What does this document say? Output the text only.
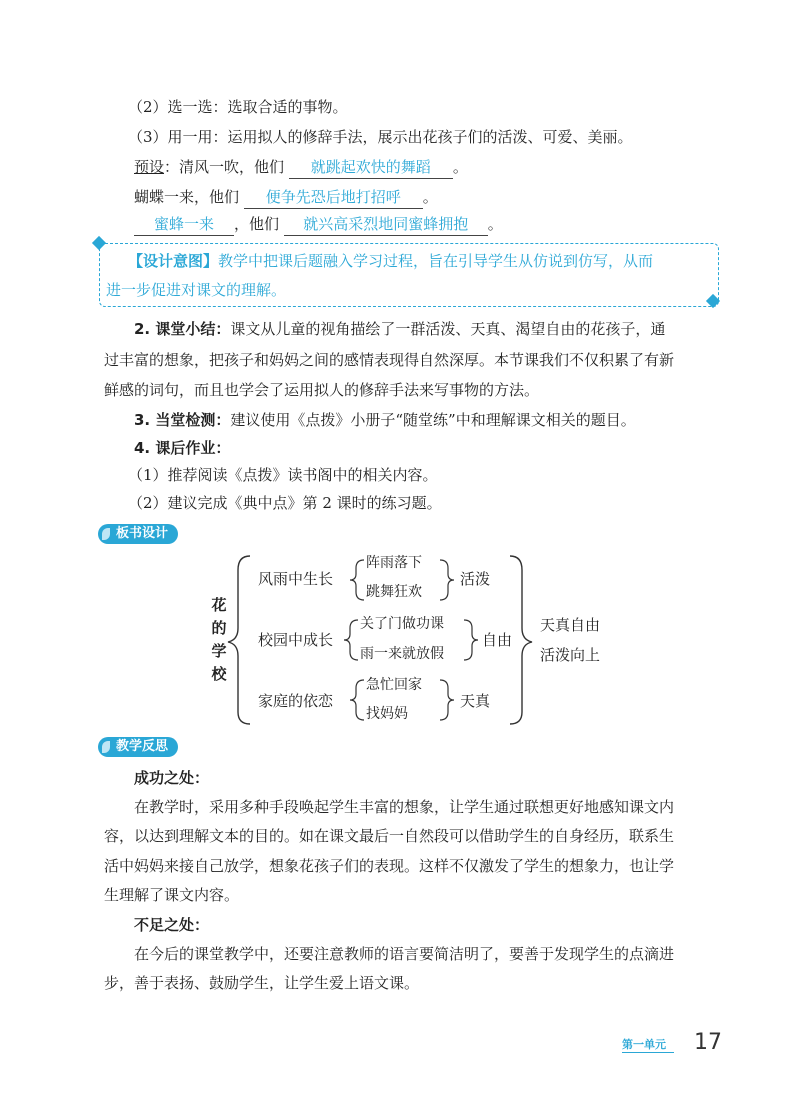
（2）选一选：选取合适的事物。
（3）用一用：运用拟人的修辞手法，展示出花孩子们的活泼、可爱、美丽。
预设：清风一吹，他们 就跳起欢快的舞蹈 。
蝴蝶一来，他们 便争先恐后地打招呼 。
蜜蜂一来 ，他们 就兴高采烈地同蜜蜂拥抱 。
【设计意图】教学中把课后题融入学习过程，旨在引导学生从仿说到仿写，从而
进一步促进对课文的理解。
2. 课堂小结：课文从儿童的视角描绘了一群活泼、天真、渴望自由的花孩子，通
过丰富的想象，把孩子和妈妈之间的感情表现得自然深厚。本节课我们不仅积累了有新
鲜感的词句，而且也学会了运用拟人的修辞手法来写事物的方法。
3. 当堂检测：建议使用《点拨》小册子“随堂练”中和理解课文相关的题目。
4. 课后作业：
（1）推荐阅读《点拨》读书阁中的相关内容。
（2）建议完成《典中点》第 2 课时的练习题。
板书设计
花
的
学
校
风雨中生长
校园中成长
家庭的依恋
阵雨落下
跳舞狂欢
关了门做功课
雨一来就放假
急忙回家
找妈妈
活泼
自由
天真
天真自由
活泼向上
教学反思
成功之处：
在教学时，采用多种手段唤起学生丰富的想象，让学生通过联想更好地感知课文内
容，以达到理解文本的目的。如在课文最后一自然段可以借助学生的自身经历，联系生
活中妈妈来接自己放学，想象花孩子们的表现。这样不仅激发了学生的想象力，也让学
生理解了课文内容。
不足之处：
在今后的课堂教学中，还要注意教师的语言要简洁明了，要善于发现学生的点滴进
步，善于表扬、鼓励学生，让学生爱上语文课。
第一单元 17
